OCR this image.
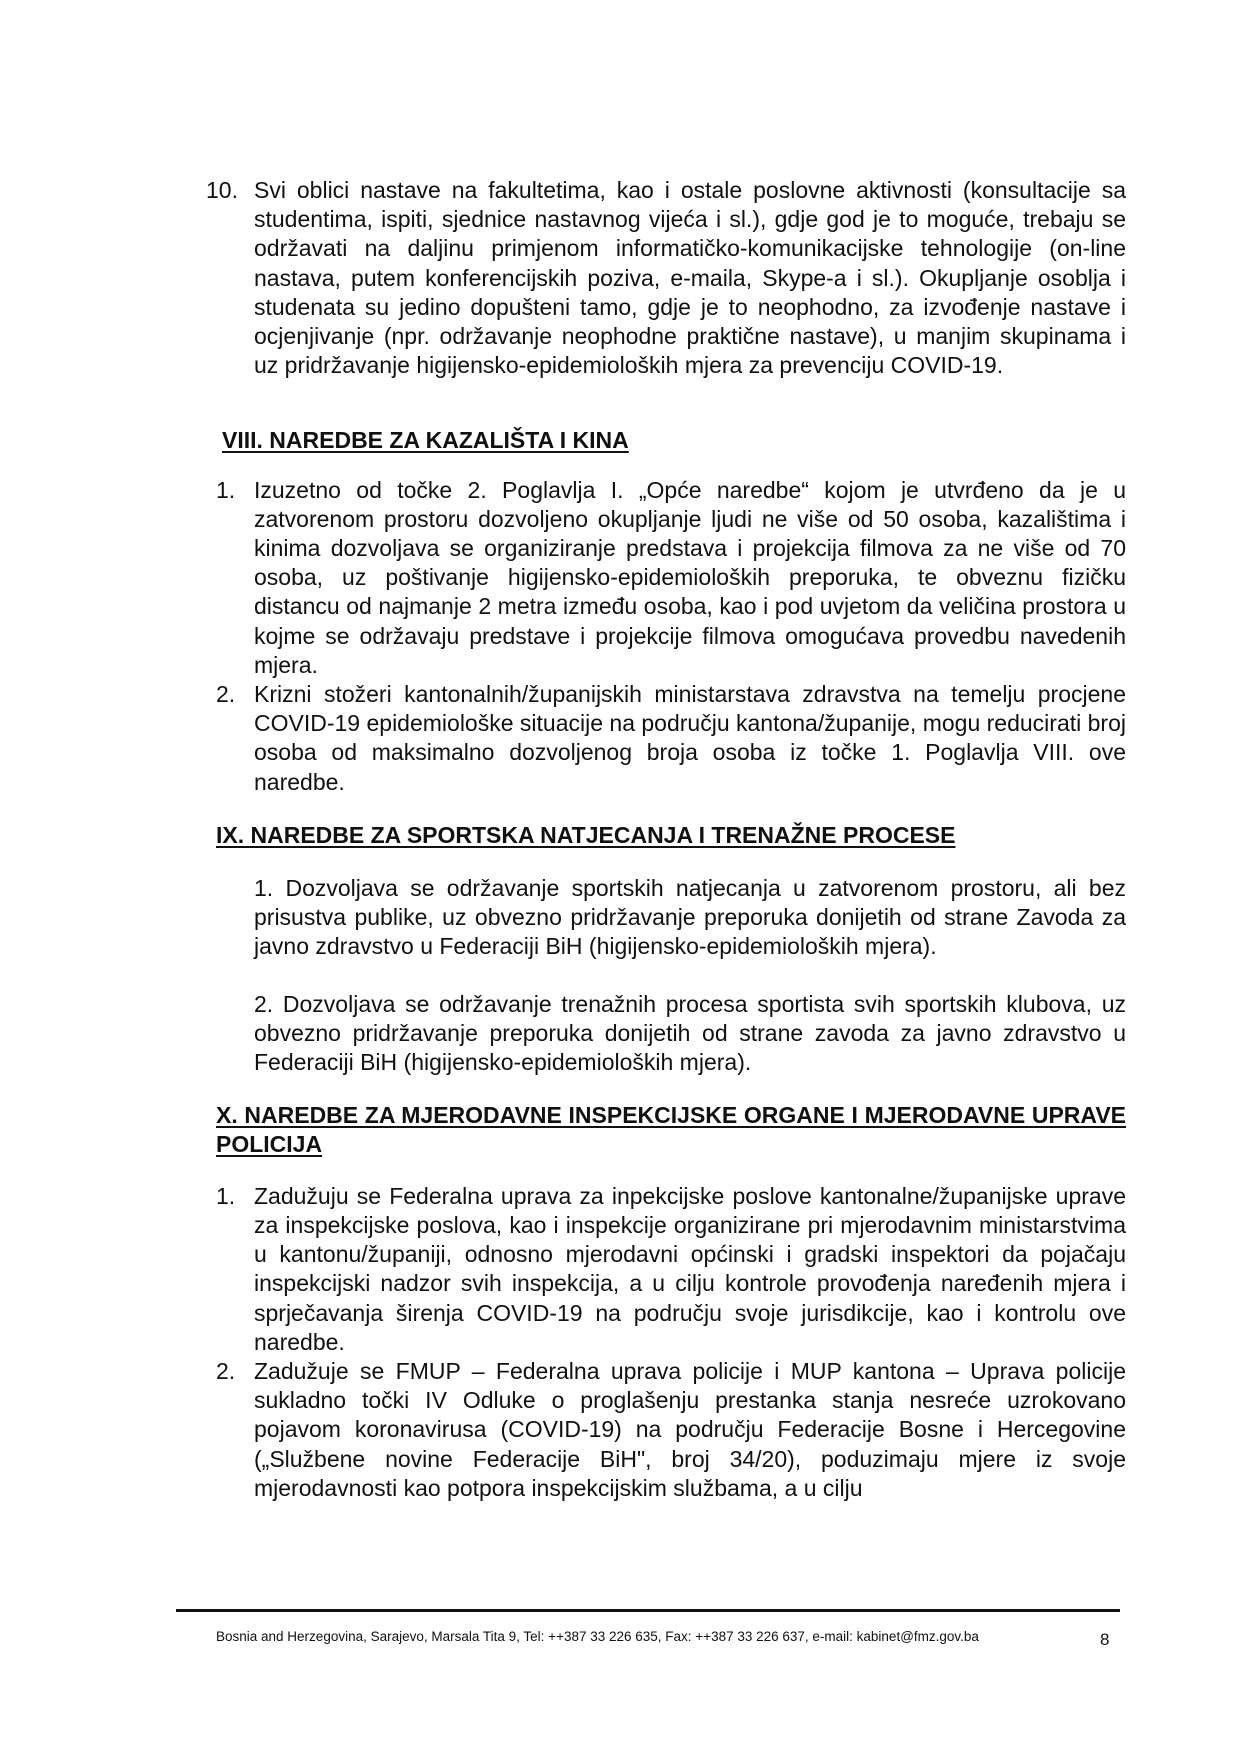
10. Svi oblici nastave na fakultetima, kao i ostale poslovne aktivnosti (konsultacije sa studentima, ispiti, sjednice nastavnog vijeća i sl.), gdje god je to moguće, trebaju se održavati na daljinu primjenom informatičko-komunikacijske tehnologije (on-line nastava, putem konferencijskih poziva, e-maila, Skype-a i sl.). Okupljanje osoblja i studenata su jedino dopušteni tamo, gdje je to neophodno, za izvođenje nastave i ocjenjivanje (npr. održavanje neophodne praktične nastave), u manjim skupinama i uz pridržavanje higijensko-epidemioloških mjera za prevenciju COVID-19.

VIII. NAREDBE ZA KAZALIŠTA I KINA

1. Izuzetno od točke 2. Poglavlja I. „Opće naredbe“ kojom je utvrđeno da je u zatvorenom prostoru dozvoljeno okupljanje ljudi ne više od 50 osoba, kazalištima i kinima dozvoljava se organiziranje predstava i projekcija filmova za ne više od 70 osoba, uz poštivanje higijensko-epidemioloških preporuka, te obveznu fizičku distancu od najmanje 2 metra između osoba, kao i pod uvjetom da veličina prostora u kojme se održavaju predstave i projekcije filmova omogućava provedbu navedenih mjera.

2. Krizni stožeri kantonalnih/županijskih ministarstava zdravstva na temelju procjene COVID-19 epidemiološke situacije na području kantona/županije, mogu reducirati broj osoba od maksimalno dozvoljenog broja osoba iz točke 1. Poglavlja VIII. ove naredbe.

IX. NAREDBE ZA SPORTSKA NATJECANJA I TRENAŽNE PROCESE

1. Dozvoljava se održavanje sportskih natjecanja u zatvorenom prostoru, ali bez prisustva publike, uz obvezno pridržavanje preporuka donijetih od strane Zavoda za javno zdravstvo u Federaciji BiH (higijensko-epidemioloških mjera).

2. Dozvoljava se održavanje trenažnih procesa sportista svih sportskih klubova, uz obvezno pridržavanje preporuka donijetih od strane zavoda za javno zdravstvo u Federaciji BiH (higijensko-epidemioloških mjera).

X. NAREDBE ZA MJERODAVNE INSPEKCIJSKE ORGANE I MJERODAVNE UPRAVE POLICIJA

1. Zadužuju se Federalna uprava za inpekcijske poslove kantonalne/županijske uprave za inspekcijske poslova, kao i inspekcije organizirane pri mjerodavnim ministarstvima u kantonu/županiji, odnosno mjerodavni općinski i gradski inspektori da pojačaju inspekcijski nadzor svih inspekcija, a u cilju kontrole provođenja naređenih mjera i sprječavanja širenja COVID-19 na području svoje jurisdikcije, kao i kontrolu ove naredbe.

2. Zadužuje se FMUP – Federalna uprava policije i MUP kantona – Uprava policije sukladno točki IV Odluke o proglašenju prestanka stanja nesreće uzrokovano pojavom koronavirusa (COVID-19) na području Federacije Bosne i Hercegovine („Službene novine Federacije BiH", broj 34/20), poduzimaju mjere iz svoje mjerodavnosti kao potpora inspekcijskim službama, a u cilju

Bosnia and Herzegovina, Sarajevo, Marsala Tita 9, Tel: ++387 33 226 635, Fax: ++387 33 226 637, e-mail: kabinet@fmz.gov.ba	8
